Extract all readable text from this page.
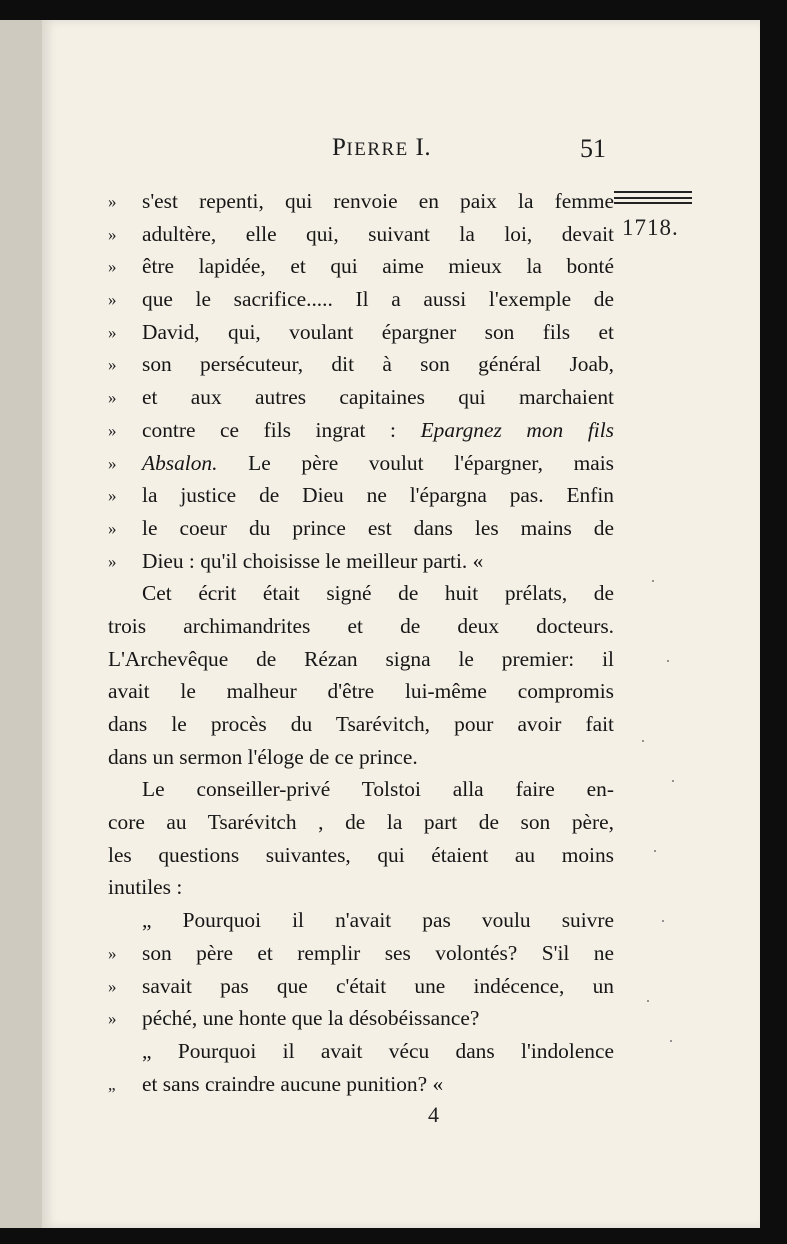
PIERRE I.	51
1718.
» s'est repenti, qui renvoie en paix la femme
» adultère, elle qui, suivant la loi, devait
» être lapidée, et qui aime mieux la bonté
» que le sacrifice..... Il a aussi l'exemple de
» David, qui, voulant épargner son fils et
» son persécuteur, dit à son général Joab,
» et aux autres capitaines qui marchaient
» contre ce fils ingrat : Epargnez mon fils
» Absalon. Le père voulut l'épargner, mais
» la justice de Dieu ne l'épargna pas. Enfin
» le coeur du prince est dans les mains de
» Dieu : qu'il choisisse le meilleur parti. «
Cet écrit était signé de huit prélats, de
trois archimandrites et de deux docteurs.
L'Archevêque de Rézan signa le premier: il
avait le malheur d'être lui-même compromis
dans le procès du Tsarévitch, pour avoir fait
dans un sermon l'éloge de ce prince.
Le conseiller-privé Tolstoi alla faire en-
core au Tsarévitch , de la part de son père,
les questions suivantes, qui étaient au moins
inutiles :
„ Pourquoi il n'avait pas voulu suivre
» son père et remplir ses volontés? S'il ne
» savait pas que c'était une indécence, un
» péché, une honte que la désobéissance?
„ Pourquoi il avait vécu dans l'indolence
„ et sans craindre aucune punition? «
4
